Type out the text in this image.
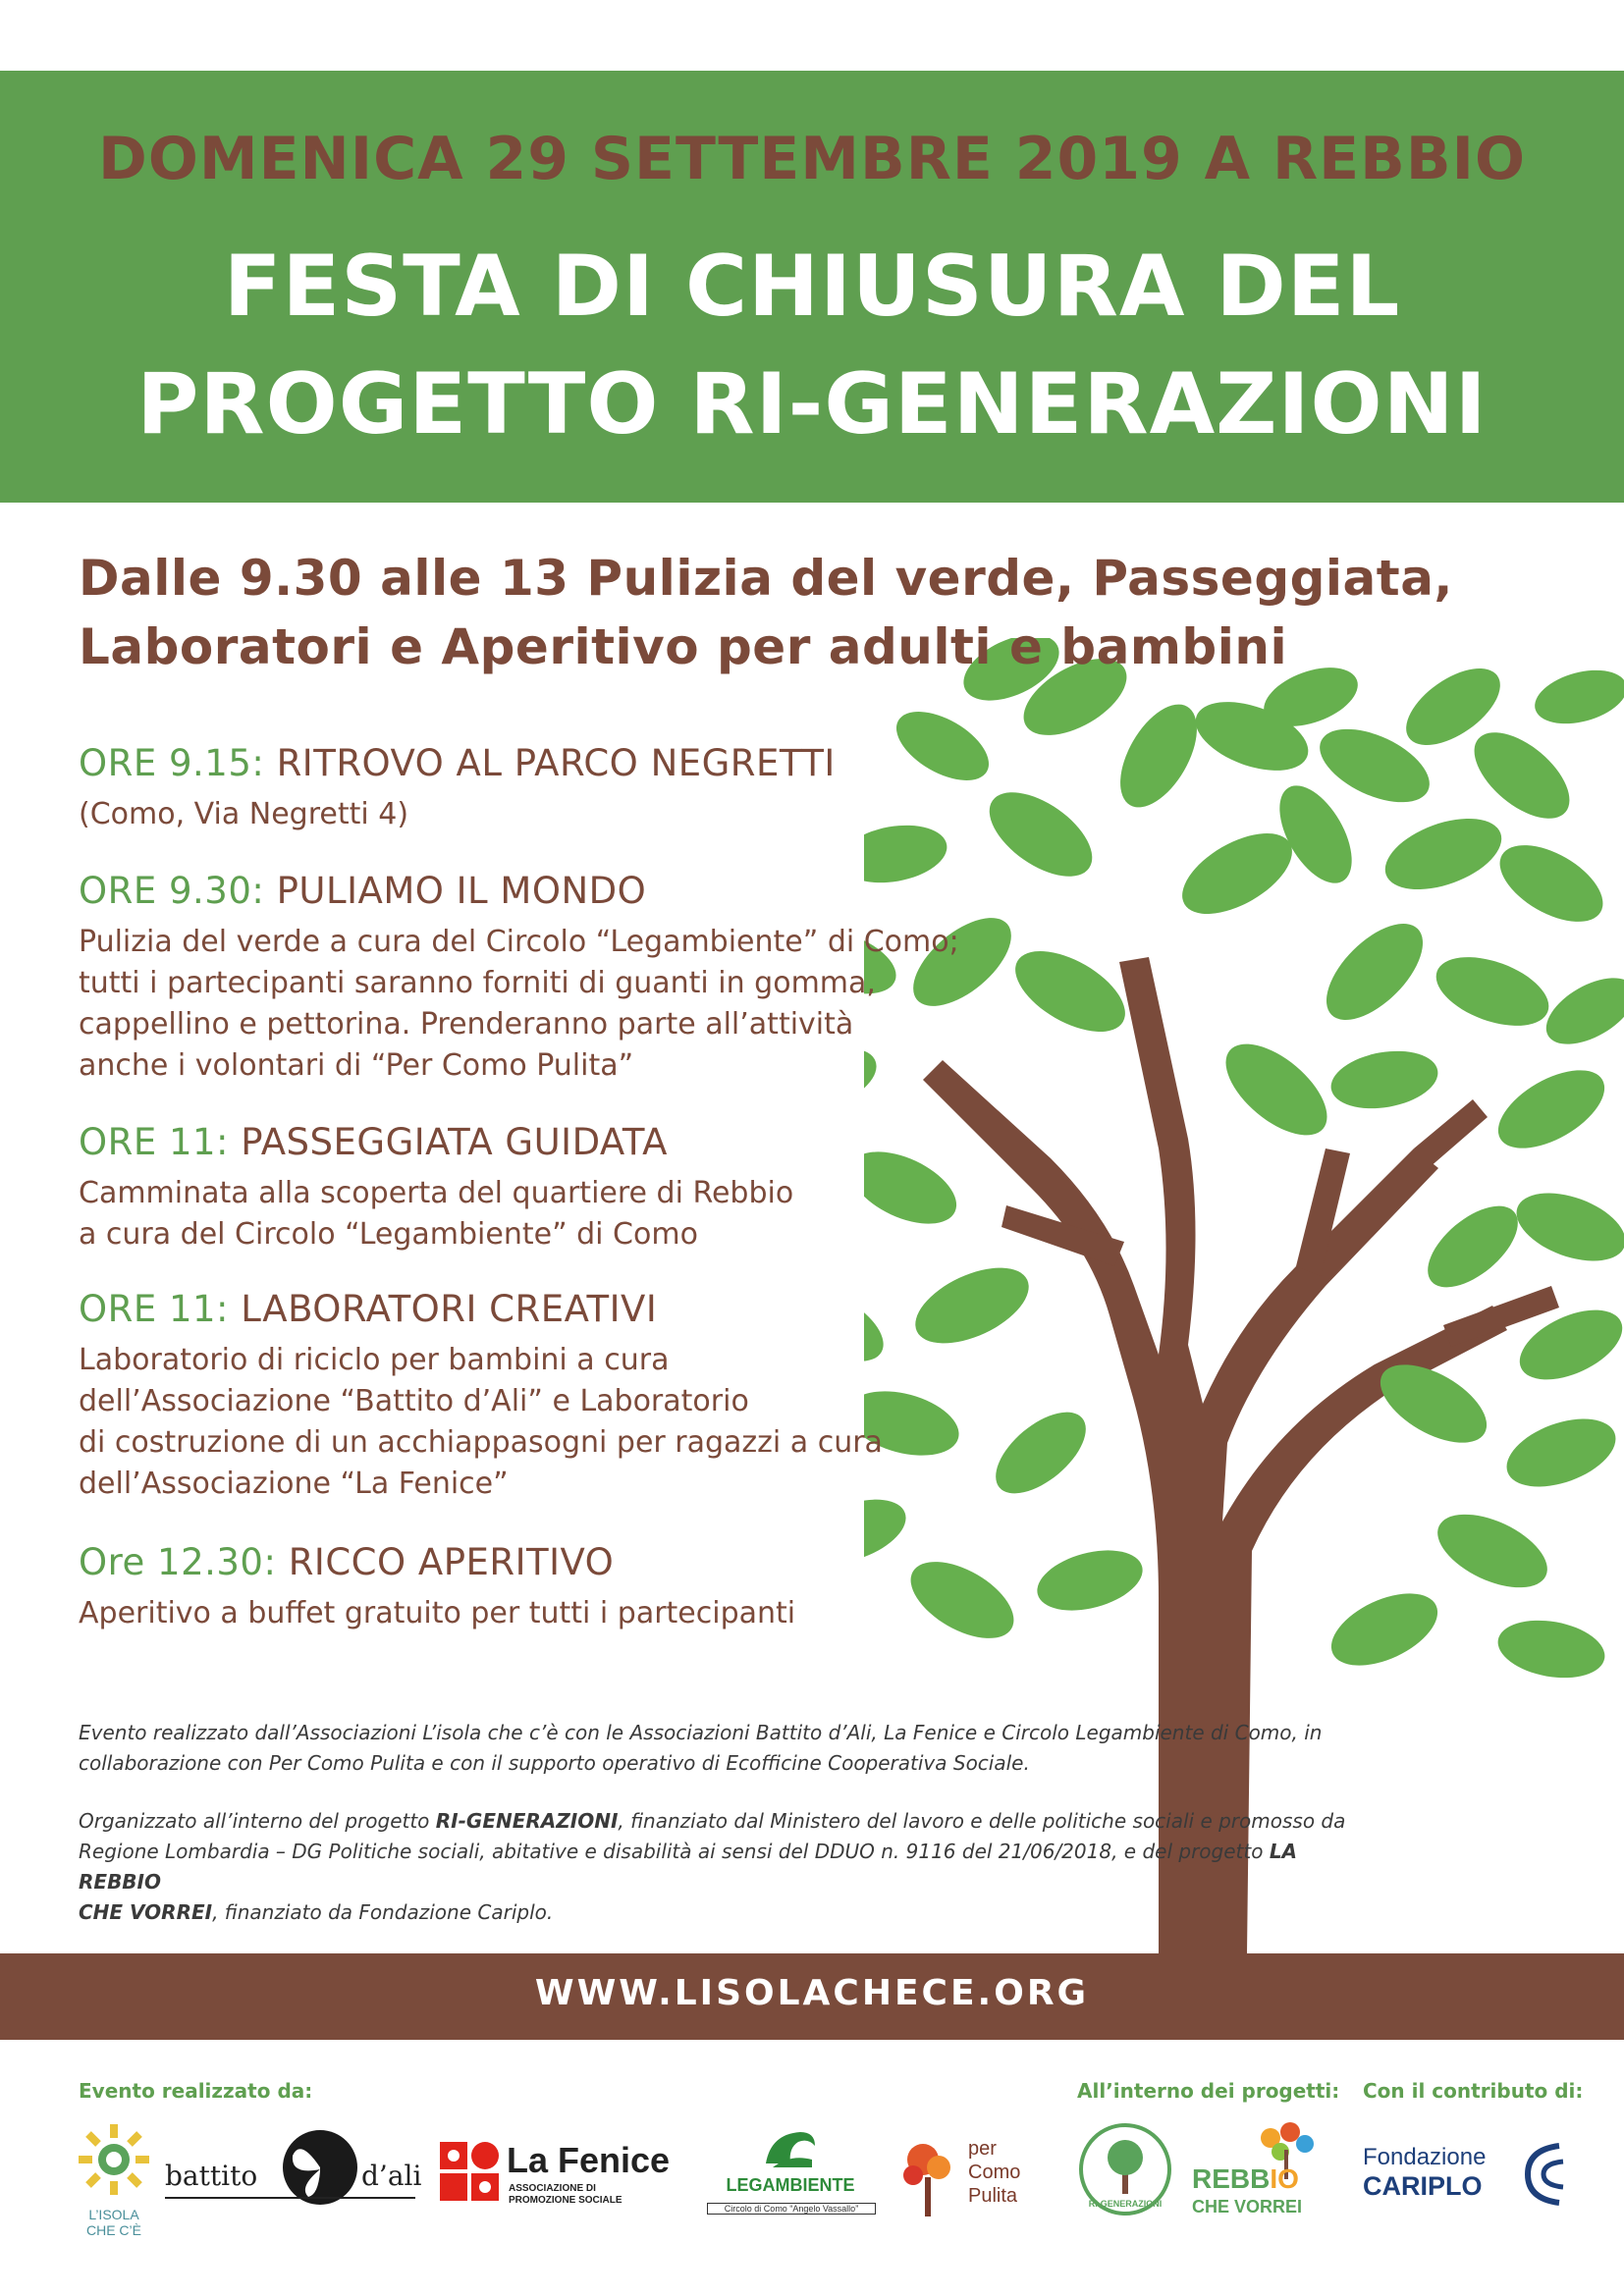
DOMENICA 29 SETTEMBRE 2019 A REBBIO
FESTA DI CHIUSURA DEL
PROGETTO RI-GENERAZIONI
Dalle 9.30 alle 13 Pulizia del verde, Passeggiata,
Laboratori e Aperitivo per adulti e bambini
ORE 9.15: RITROVO AL PARCO NEGRETTI
(Como, Via Negretti 4)
ORE 9.30: PULIAMO IL MONDO
Pulizia del verde a cura del Circolo “Legambiente” di Como;
tutti i partecipanti saranno forniti di guanti in gomma,
cappellino e pettorina. Prenderanno parte all’attività
anche i volontari di “Per Como Pulita”
ORE 11: PASSEGGIATA GUIDATA
Camminata alla scoperta del quartiere di Rebbio
a cura del Circolo “Legambiente” di Como
ORE 11: LABORATORI CREATIVI
Laboratorio di riciclo per bambini a cura
dell’Associazione “Battito d’Ali” e Laboratorio
di costruzione di un acchiappasogni per ragazzi a cura
dell’Associazione “La Fenice”
Ore 12.30: RICCO APERITIVO
Aperitivo a buffet gratuito per tutti i partecipanti
Evento realizzato dall’Associazioni L’isola che c’è con le Associazioni Battito d’Ali, La Fenice e Circolo Legambiente di Como, in
collaborazione con Per Como Pulita e con il supporto operativo di Ecofficine Cooperativa Sociale.
Organizzato all’interno del progetto RI-GENERAZIONI, finanziato dal Ministero del lavoro e delle politiche sociali e promosso da
Regione Lombardia – DG Politiche sociali, abitative e disabilità ai sensi del DDUO n. 9116 del 21/06/2018, e del progetto LA REBBIO
CHE VORREI, finanziato da Fondazione Cariplo.
WWW.LISOLACHECE.ORG
Evento realizzato da:	All’interno dei progetti: Con il contributo di:
L’ISOLA CHE C’È
battito	d’ali La Fenice
ASSOCIAZIONE DI
PROMOZIONE SOCIALE
LEGAMBIENTE
Circolo di Como “Angelo Vassallo”
per
Como
Pulita	RI-GENERAZIONI
REBBIO
CHE VORREI
Fondazione
CARIPLO
